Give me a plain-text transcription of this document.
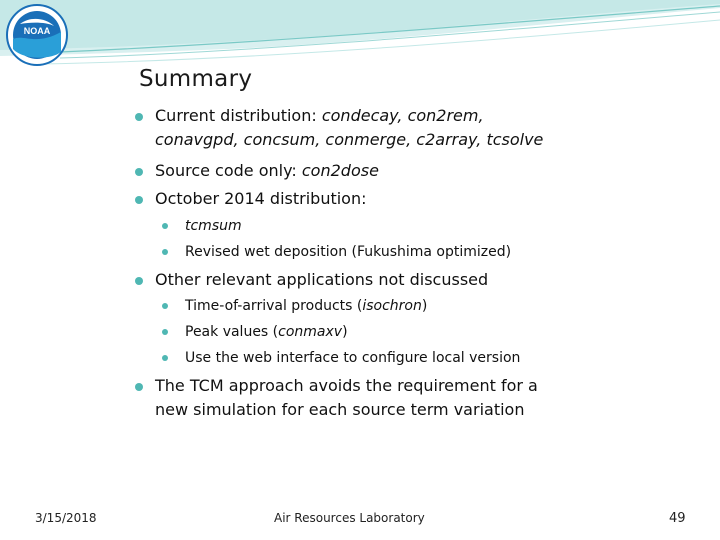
NOAA
Summary
Current distribution: condecay, con2rem, conavgpd, concsum, conmerge, c2array, tcsolve
Source code only: con2dose
October 2014 distribution:
tcmsum
Revised wet deposition (Fukushima optimized)
Other relevant applications not discussed
Time-of-arrival products (isochron)
Peak values (conmaxv)
Use the web interface to configure local version
The TCM approach avoids the requirement for a new simulation for each source term variation
3/15/2018	Air Resources Laboratory	49
